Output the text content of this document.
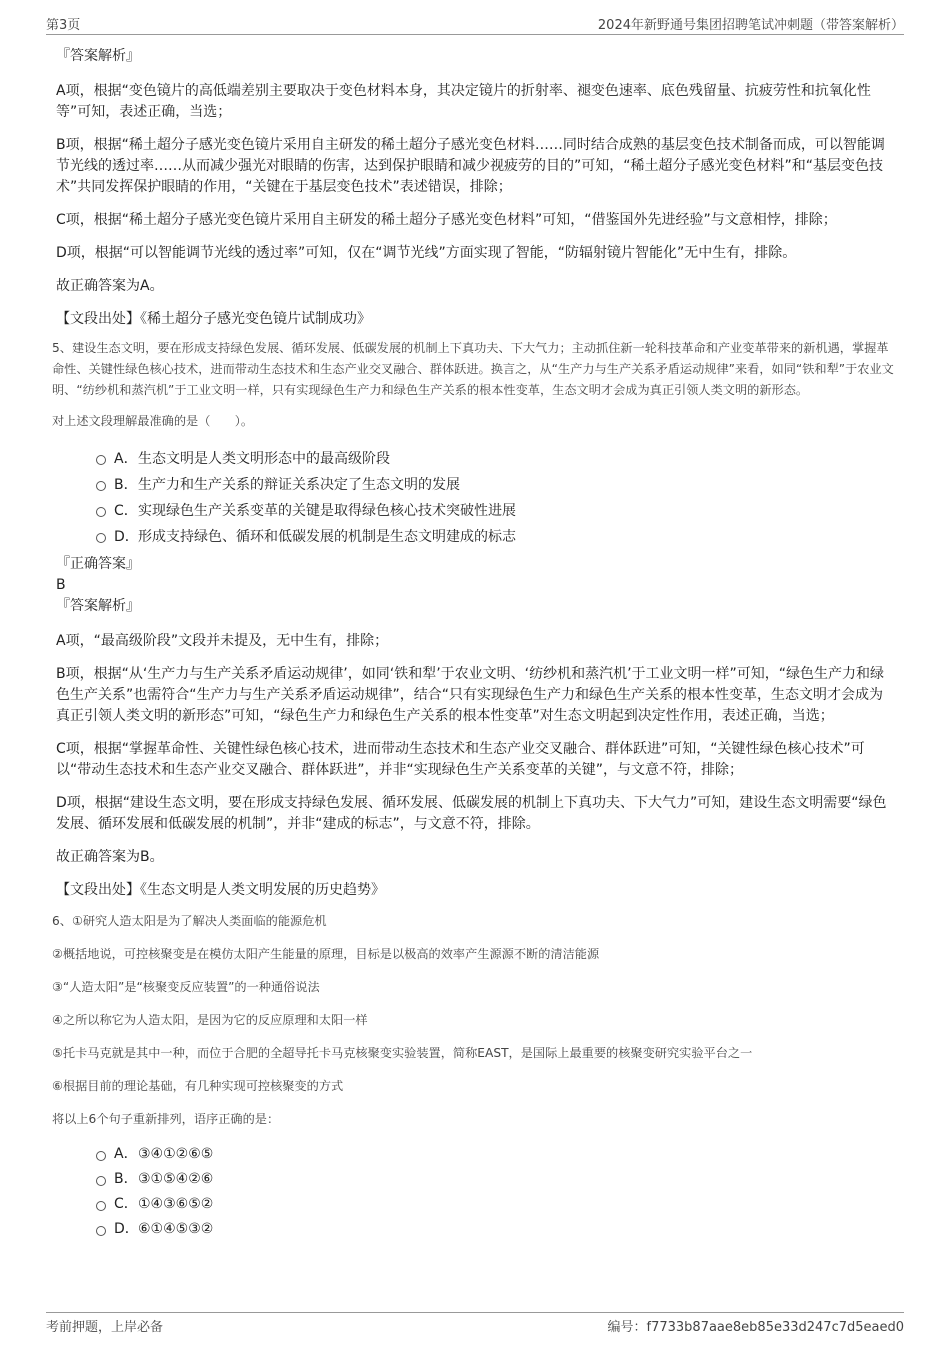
第3页	2024年新野通号集团招聘笔试冲刺题（带答案解析）

『答案解析』

A项，根据“变色镜片的高低端差别主要取决于变色材料本身，其决定镜片的折射率、褪变色速率、底色残留量、抗疲劳性和抗氧化性等”可知，表述正确，当选；

B项，根据“稀土超分子感光变色镜片采用自主研发的稀土超分子感光变色材料……同时结合成熟的基层变色技术制备而成，可以智能调节光线的透过率……从而减少强光对眼睛的伤害，达到保护眼睛和减少视疲劳的目的”可知，“稀土超分子感光变色材料”和“基层变色技术”共同发挥保护眼睛的作用，“关键在于基层变色技术”表述错误，排除；

C项，根据“稀土超分子感光变色镜片采用自主研发的稀土超分子感光变色材料”可知，“借鉴国外先进经验”与文意相悖，排除；

D项，根据“可以智能调节光线的透过率”可知，仅在“调节光线”方面实现了智能，“防辐射镜片智能化”无中生有，排除。

故正确答案为A。

【文段出处】《稀土超分子感光变色镜片试制成功》

5、建设生态文明，要在形成支持绿色发展、循环发展、低碳发展的机制上下真功夫、下大气力；主动抓住新一轮科技革命和产业变革带来的新机遇，掌握革命性、关键性绿色核心技术，进而带动生态技术和生态产业交叉融合、群体跃进。换言之，从“生产力与生产关系矛盾运动规律”来看，如同“铁和犁”于农业文明、“纺纱机和蒸汽机”于工业文明一样，只有实现绿色生产力和绿色生产关系的根本性变革，生态文明才会成为真正引领人类文明的新形态。

对上述文段理解最准确的是（　　）。

A．生态文明是人类文明形态中的最高级阶段
B．生产力和生产关系的辩证关系决定了生态文明的发展
C．实现绿色生产关系变革的关键是取得绿色核心技术突破性进展
D．形成支持绿色、循环和低碳发展的机制是生态文明建成的标志

『正确答案』

B

『答案解析』

A项，“最高级阶段”文段并未提及，无中生有，排除；

B项，根据“从‘生产力与生产关系矛盾运动规律’，如同‘铁和犁’于农业文明、‘纺纱机和蒸汽机’于工业文明一样”可知，“绿色生产力和绿色生产关系”也需符合“生产力与生产关系矛盾运动规律”，结合“只有实现绿色生产力和绿色生产关系的根本性变革，生态文明才会成为真正引领人类文明的新形态”可知，“绿色生产力和绿色生产关系的根本性变革”对生态文明起到决定性作用，表述正确，当选；

C项，根据“掌握革命性、关键性绿色核心技术，进而带动生态技术和生态产业交叉融合、群体跃进”可知，“关键性绿色核心技术”可以“带动生态技术和生态产业交叉融合、群体跃进”，并非“实现绿色生产关系变革的关键”，与文意不符，排除；

D项，根据“建设生态文明，要在形成支持绿色发展、循环发展、低碳发展的机制上下真功夫、下大气力”可知，建设生态文明需要“绿色发展、循环发展和低碳发展的机制”，并非“建成的标志”，与文意不符，排除。

故正确答案为B。

【文段出处】《生态文明是人类文明发展的历史趋势》

6、①研究人造太阳是为了解决人类面临的能源危机

②概括地说，可控核聚变是在模仿太阳产生能量的原理，目标是以极高的效率产生源源不断的清洁能源

③“人造太阳”是“核聚变反应装置”的一种通俗说法

④之所以称它为人造太阳，是因为它的反应原理和太阳一样

⑤托卡马克就是其中一种，而位于合肥的全超导托卡马克核聚变实验装置，简称EAST，是国际上最重要的核聚变研究实验平台之一

⑥根据目前的理论基础，有几种实现可控核聚变的方式

将以上6个句子重新排列，语序正确的是：

A．③④①②⑥⑤
B．③①⑤④②⑥
C．①④③⑥⑤②
D．⑥①④⑤③②
考前押题，上岸必备	编号：f7733b87aae8eb85e33d247c7d5eaed0
